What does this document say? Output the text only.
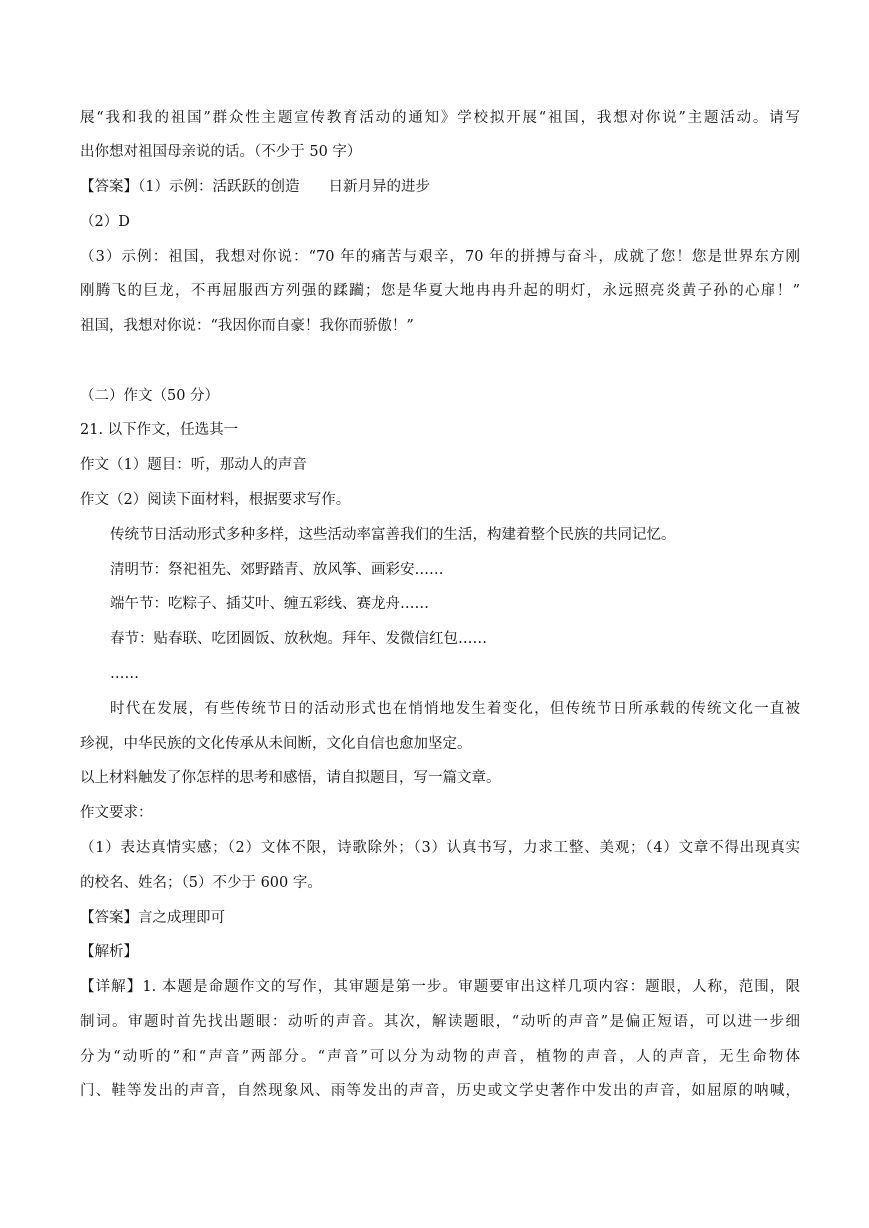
展“我和我的祖国”群众性主题宣传教育活动的通知》学校拟开展“祖国，我想对你说”主题活动。请写
出你想对祖国母亲说的话。（不少于 50 字）
【答案】（1）示例：活跃跃的创造　　日新月异的进步
（2）D
（3）示例：祖国，我想对你说：“70 年的痛苦与艰辛，70 年的拼搏与奋斗，成就了您！您是世界东方刚
刚腾飞的巨龙，不再屈服西方列强的蹂躏；您是华夏大地冉冉升起的明灯，永远照亮炎黄子孙的心扉！”
祖国，我想对你说：“我因你而自豪！我你而骄傲！”
（二）作文（50 分）
21. 以下作文，任选其一
作文（1）题目：听，那动人的声音
作文（2）阅读下面材料，根据要求写作。
传统节日活动形式多种多样，这些活动率富善我们的生活，构建着整个民族的共同记忆。
清明节：祭祀祖先、郊野踏青、放风筝、画彩安……
端午节：吃粽子、插艾叶、缠五彩线、赛龙舟……
春节：贴春联、吃团圆饭、放秋炮。拜年、发微信红包……
……
时代在发展，有些传统节日的活动形式也在悄悄地发生着变化，但传统节日所承载的传统文化一直被
珍视，中华民族的文化传承从未间断，文化自信也愈加坚定。
以上材料触发了你怎样的思考和感悟，请自拟题目，写一篇文章。
作文要求：
（1）表达真情实感；（2）文体不限，诗歌除外；（3）认真书写，力求工整、美观；（4）文章不得出现真实
的校名、姓名；（5）不少于 600 字。
【答案】言之成理即可
【解析】
【详解】1. 本题是命题作文的写作，其审题是第一步。审题要审出这样几项内容：题眼，人称，范围，限
制词。审题时首先找出题眼：动听的声音。其次，解读题眼，“动听的声音”是偏正短语，可以进一步细
分为“动听的”和“声音”两部分。“声音”可以分为动物的声音，植物的声音，人的声音，无生命物体
门、鞋等发出的声音，自然现象风、雨等发出的声音，历史或文学史著作中发出的声音，如屈原的呐喊，
